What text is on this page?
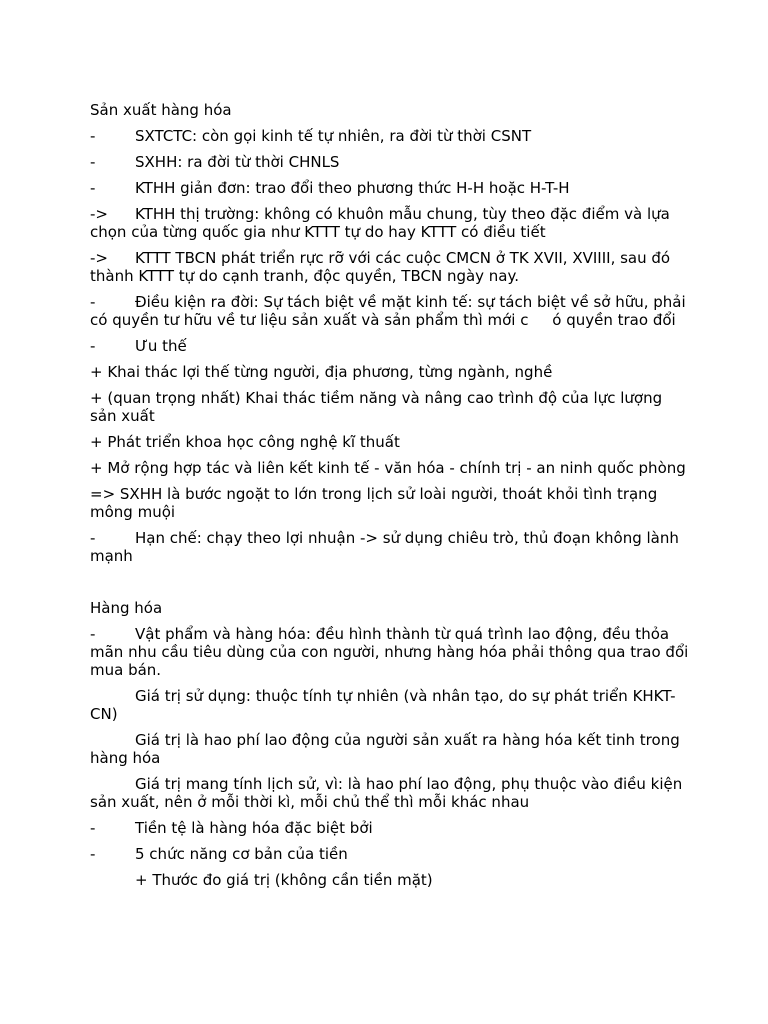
Sản xuất hàng hóa
-	SXTCTC: còn gọi kinh tế tự nhiên, ra đời từ thời CSNT
-	SXHH: ra đời từ thời CHNLS
-	KTHH giản đơn: trao đổi theo phương thức H-H hoặc H-T-H
-> KTHH thị trường: không có khuôn mẫu chung, tùy theo đặc điểm và lựa chọn của từng quốc gia như KTTT tự do hay KTTT có điều tiết
-> KTTT TBCN phát triển rực rỡ với các cuộc CMCN ở TK XVII, XVIIII, sau đó thành KTTT tự do cạnh tranh, độc quyền, TBCN ngày nay.
-	Điều kiện ra đời: Sự tách biệt về mặt kinh tế: sự tách biệt về sở hữu, phải có quyền tư hữu về tư liệu sản xuất và sản phẩm thì mới c     ó quyền trao đổi
-	Ưu thế
+ Khai thác lợi thế từng người, địa phương, từng ngành, nghề
+ (quan trọng nhất) Khai thác tiềm năng và nâng cao trình độ của lực lượng sản xuất
+ Phát triển khoa học công nghệ kĩ thuất
+ Mở rộng hợp tác và liên kết kinh tế - văn hóa - chính trị - an ninh quốc phòng
=> SXHH là bước ngoặt to lớn trong lịch sử loài người, thoát khỏi tình trạng mông muội
-	Hạn chế: chạy theo lợi nhuận -> sử dụng chiêu trò, thủ đoạn không lành mạnh
Hàng hóa
-	Vật phẩm và hàng hóa: đều hình thành từ quá trình lao động, đều thỏa mãn nhu cầu tiêu dùng của con người, nhưng hàng hóa phải thông qua trao đổi mua bán.
Giá trị sử dụng: thuộc tính tự nhiên (và nhân tạo, do sự phát triển KHKT-CN)
Giá trị là hao phí lao động của người sản xuất ra hàng hóa kết tinh trong hàng hóa
Giá trị mang tính lịch sử, vì: là hao phí lao động, phụ thuộc vào điều kiện sản xuất, nên ở mỗi thời kì, mỗi chủ thể thì mỗi khác nhau
-	Tiền tệ là hàng hóa đặc biệt bởi
-	5 chức năng cơ bản của tiền
+ Thước đo giá trị (không cần tiền mặt)
